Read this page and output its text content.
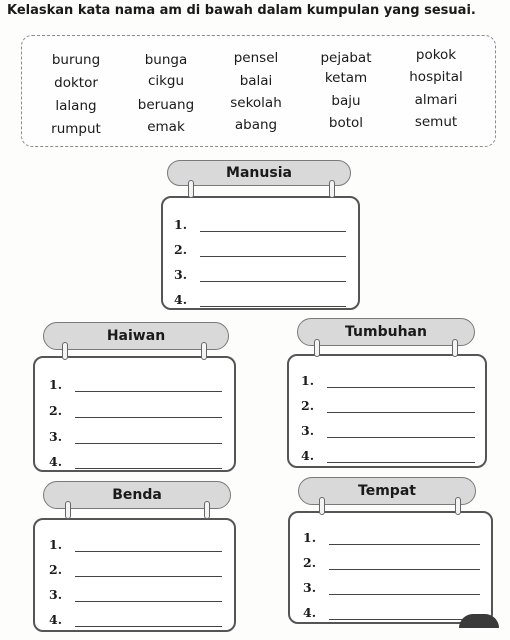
Kelaskan kata nama am di bawah dalam kumpulan yang sesuai.
burung	bunga	pensel	pejabat	pokok
doktor	cikgu	balai	ketam	hospital
lalang	beruang	sekolah	baju	almari
rumput	emak	abang	botol	semut
1.
2.
3.
4.
Manusia
1.
2.
3.
4.
Haiwan
1.
2.
3.
4.
Tumbuhan
1.
2.
3.
4.
Benda
1.
2.
3.
4.
Tempat
